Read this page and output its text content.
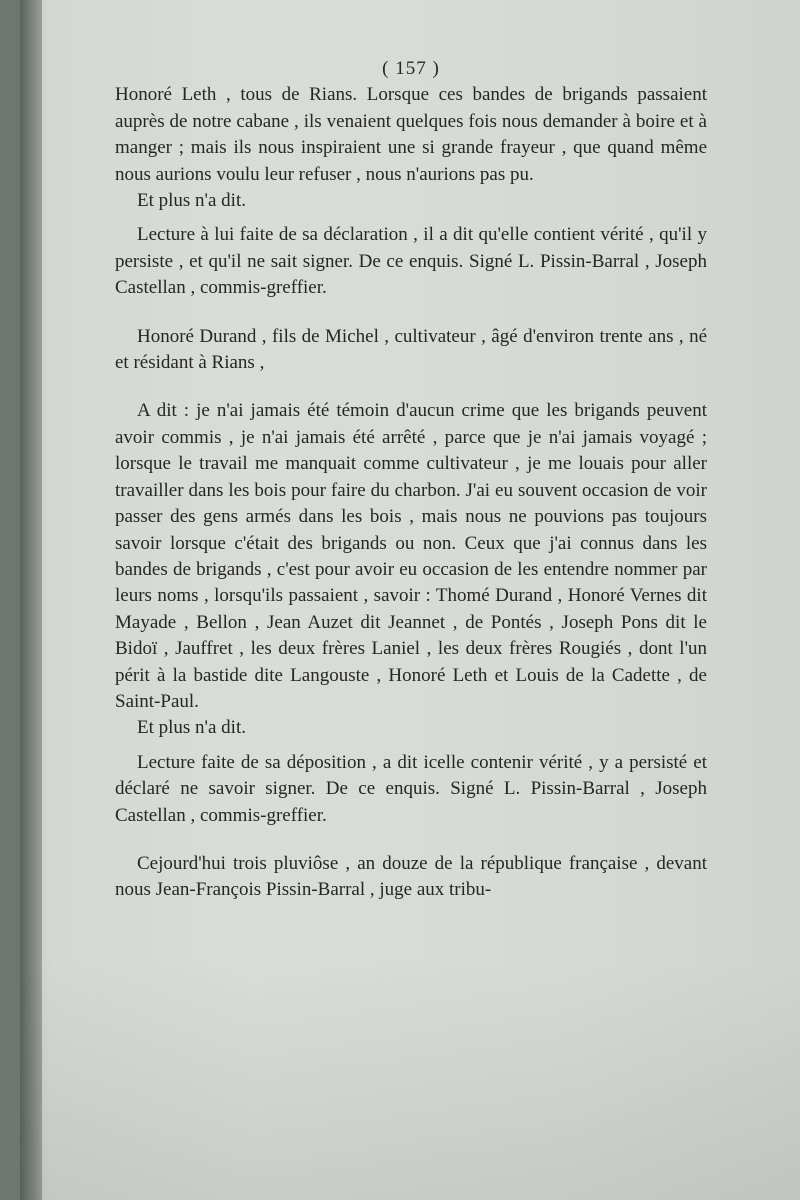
( 157 )

Honoré Leth , tous de Rians. Lorsque ces bandes de brigands passaient auprès de notre cabane , ils venaient quelques fois nous demander à boire et à manger ; mais ils nous inspiraient une si grande frayeur , que quand même nous aurions voulu leur refuser , nous n'aurions pas pu.

Et plus n'a dit.

Lecture à lui faite de sa déclaration , il a dit qu'elle contient vérité , qu'il y persiste , et qu'il ne sait signer. De ce enquis. Signé L. Pissin-Barral , Joseph Castellan , commis-greffier.

Honoré Durand , fils de Michel , cultivateur , âgé d'environ trente ans , né et résidant à Rians ,

A dit : je n'ai jamais été témoin d'aucun crime que les brigands peuvent avoir commis , je n'ai jamais été arrêté , parce que je n'ai jamais voyagé ; lorsque le travail me manquait comme cultivateur , je me louais pour aller travailler dans les bois pour faire du charbon. J'ai eu souvent occasion de voir passer des gens armés dans les bois , mais nous ne pouvions pas toujours savoir lorsque c'était des brigands ou non. Ceux que j'ai connus dans les bandes de brigands , c'est pour avoir eu occasion de les entendre nommer par leurs noms , lorsqu'ils passaient , savoir : Thomé Durand , Honoré Vernes dit Mayade , Bellon , Jean Auzet dit Jeannet , de Pontés , Joseph Pons dit le Bidoï , Jauffret , les deux frères Laniel , les deux frères Rougiés , dont l'un périt à la bastide dite Langouste , Honoré Leth et Louis de la Cadette , de Saint-Paul.

Et plus n'a dit.

Lecture faite de sa déposition , a dit icelle contenir vérité , y a persisté et déclaré ne savoir signer. De ce enquis. Signé L. Pissin-Barral , Joseph Castellan , commis-greffier.

Cejourd'hui trois pluviôse , an douze de la république française , devant nous Jean-François Pissin-Barral , juge aux tribu-
